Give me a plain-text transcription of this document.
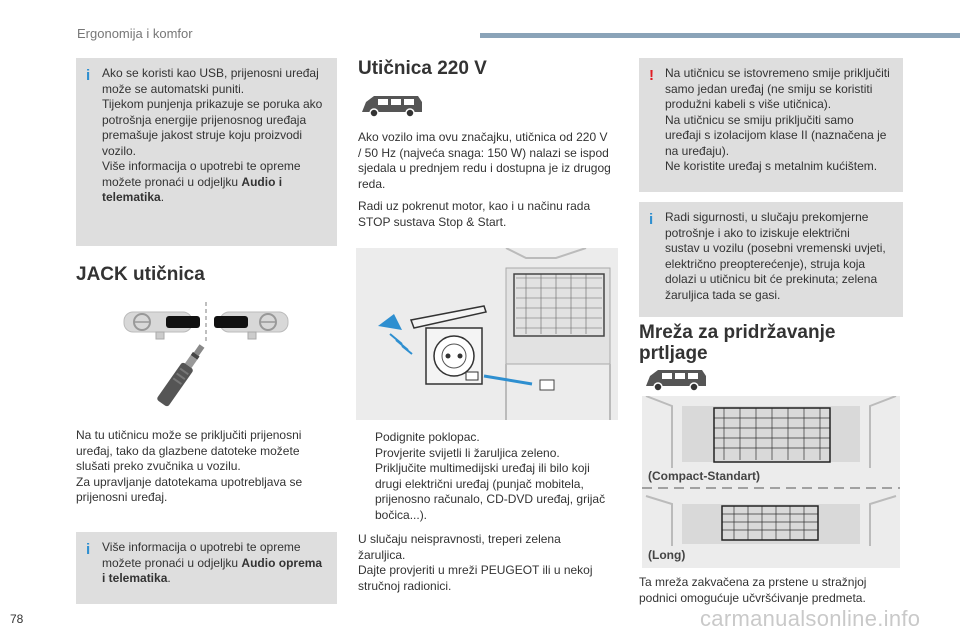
Ergonomija i komfor
i Ako se koristi kao USB, prijenosni uređaj
može se automatski puniti.
Tijekom punjenja prikazuje se poruka ako
potrošnja energije prijenosnog uređaja
premašuje jakost struje koju proizvodi
vozilo.
Više informacija o upotrebi te opreme
možete pronaći u odjeljku Audio i
telematika.
JACK utičnica
Na tu utičnicu može se priključiti prijenosni
uređaj, tako da glazbene datoteke možete
slušati preko zvučnika u vozilu.
Za upravljanje datotekama upotrebljava se
prijenosni uređaj.
i Više informacija o upotrebi te opreme
možete pronaći u odjeljku Audio oprema
i telematika.
Utičnica 220 V
Ako vozilo ima ovu značajku, utičnica od 220 V
/ 50 Hz (najveća snaga: 150 W) nalazi se ispod
sjedala u prednjem redu i dostupna je iz drugog
reda.
Radi uz pokrenut motor, kao i u načinu rada
STOP sustava Stop & Start.
Podignite poklopac.
Provjerite svijetli li žaruljica zeleno.
Priključite multimedijski uređaj ili bilo koji
drugi električni uređaj (punjač mobitela,
prijenosno računalo, CD-DVD uređaj, grijač
bočica...).
U slučaju neispravnosti, treperi zelena
žaruljica.
Dajte provjeriti u mreži PEUGEOT ili u nekoj
stručnoj radionici.
! Na utičnicu se istovremeno smije priključiti
samo jedan uređaj (ne smiju se koristiti
produžni kabeli s više utičnica).
Na utičnicu se smiju priključiti samo
uređaji s izolacijom klase II (naznačena je
na uređaju).
Ne koristite uređaj s metalnim kućištem.
i Radi sigurnosti, u slučaju prekomjerne
potrošnje i ako to iziskuje električni
sustav u vozilu (posebni vremenski uvjeti,
električno preopterećenje), struja koja
dolazi u utičnicu bit će prekinuta; zelena
žaruljica tada se gasi.
Mreža za pridržavanje
prtljage
(Compact-Standart)
(Long)
Ta mreža zakvačena za prstene u stražnjoj
podnici omogućuje učvršćivanje predmeta.
78	carmanualsonline.info
